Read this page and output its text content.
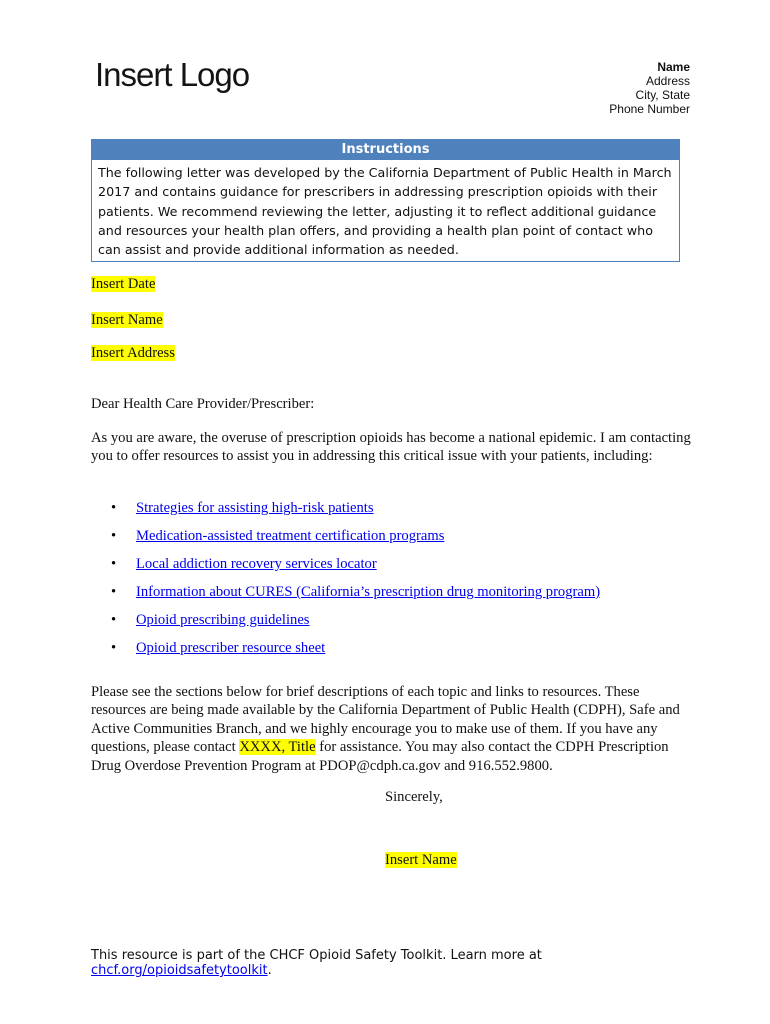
Insert Logo	Name
Address
City, State
Phone Number
Instructions
The following letter was developed by the California Department of Public Health in March 2017 and contains guidance for prescribers in addressing prescription opioids with their patients. We recommend reviewing the letter, adjusting it to reflect additional guidance and resources your health plan offers, and providing a health plan point of contact who can assist and provide additional information as needed.
Insert Date
Insert Name
Insert Address
Dear Health Care Provider/Prescriber:
As you are aware, the overuse of prescription opioids has become a national epidemic. I am contacting you to offer resources to assist you in addressing this critical issue with your patients, including:
• Strategies for assisting high-risk patients
• Medication-assisted treatment certification programs
• Local addiction recovery services locator
• Information about CURES (California’s prescription drug monitoring program)
• Opioid prescribing guidelines
• Opioid prescriber resource sheet
Please see the sections below for brief descriptions of each topic and links to resources. These resources are being made available by the California Department of Public Health (CDPH), Safe and Active Communities Branch, and we highly encourage you to make use of them. If you have any questions, please contact XXXX, Title for assistance. You may also contact the CDPH Prescription Drug Overdose Prevention Program at PDOP@cdph.ca.gov and 916.552.9800.
Sincerely,
Insert Name
This resource is part of the CHCF Opioid Safety Toolkit. Learn more at
chcf.org/opioidsafetytoolkit.
